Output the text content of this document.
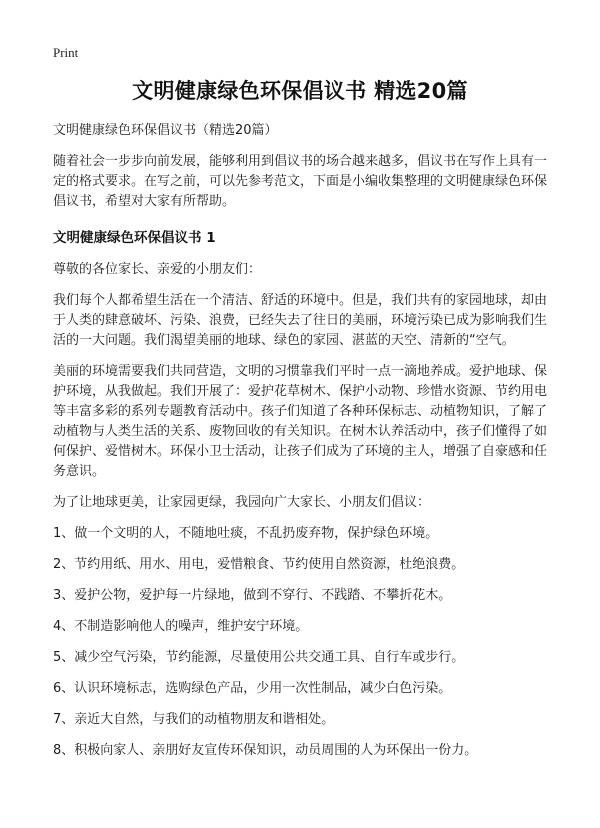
Print
文明健康绿色环保倡议书 精选20篇

文明健康绿色环保倡议书（精选20篇）

随着社会一步步向前发展，能够利用到倡议书的场合越来越多，倡议书在写作上具有一定的格式要求。在写之前，可以先参考范文，下面是小编收集整理的文明健康绿色环保倡议书，希望对大家有所帮助。

文明健康绿色环保倡议书 1

尊敬的各位家长、亲爱的小朋友们：

我们每个人都希望生活在一个清洁、舒适的环境中。但是，我们共有的家园地球，却由于人类的肆意破坏、污染、浪费，已经失去了往日的美丽，环境污染已成为影响我们生活的一大问题。我们渴望美丽的地球、绿色的家园、湛蓝的天空、清新的“空气。

美丽的环境需要我们共同营造，文明的习惯靠我们平时一点一滴地养成。爱护地球、保护环境，从我做起。我们开展了：爱护花草树木、保护小动物、珍惜水资源、节约用电等丰富多彩的系列专题教育活动中。孩子们知道了各种环保标志、动植物知识，了解了动植物与人类生活的关系、废物回收的有关知识。在树木认养活动中，孩子们懂得了如何保护、爱惜树木。环保小卫士活动，让孩子们成为了环境的主人，增强了自豪感和任务意识。

为了让地球更美，让家园更绿，我园向广大家长、小朋友们倡议：

1、做一个文明的人，不随地吐痰，不乱扔废弃物，保护绿色环境。

2、节约用纸、用水、用电，爱惜粮食、节约使用自然资源，杜绝浪费。

3、爱护公物，爱护每一片绿地，做到不穿行、不践踏、不攀折花木。

4、不制造影响他人的噪声，维护安宁环境。

5、减少空气污染，节约能源，尽量使用公共交通工具、自行车或步行。

6、认识环境标志，选购绿色产品，少用一次性制品，减少白色污染。

7、亲近大自然，与我们的动植物朋友和谐相处。

8、积极向家人、亲朋好友宣传环保知识，动员周围的人为环保出一份力。
